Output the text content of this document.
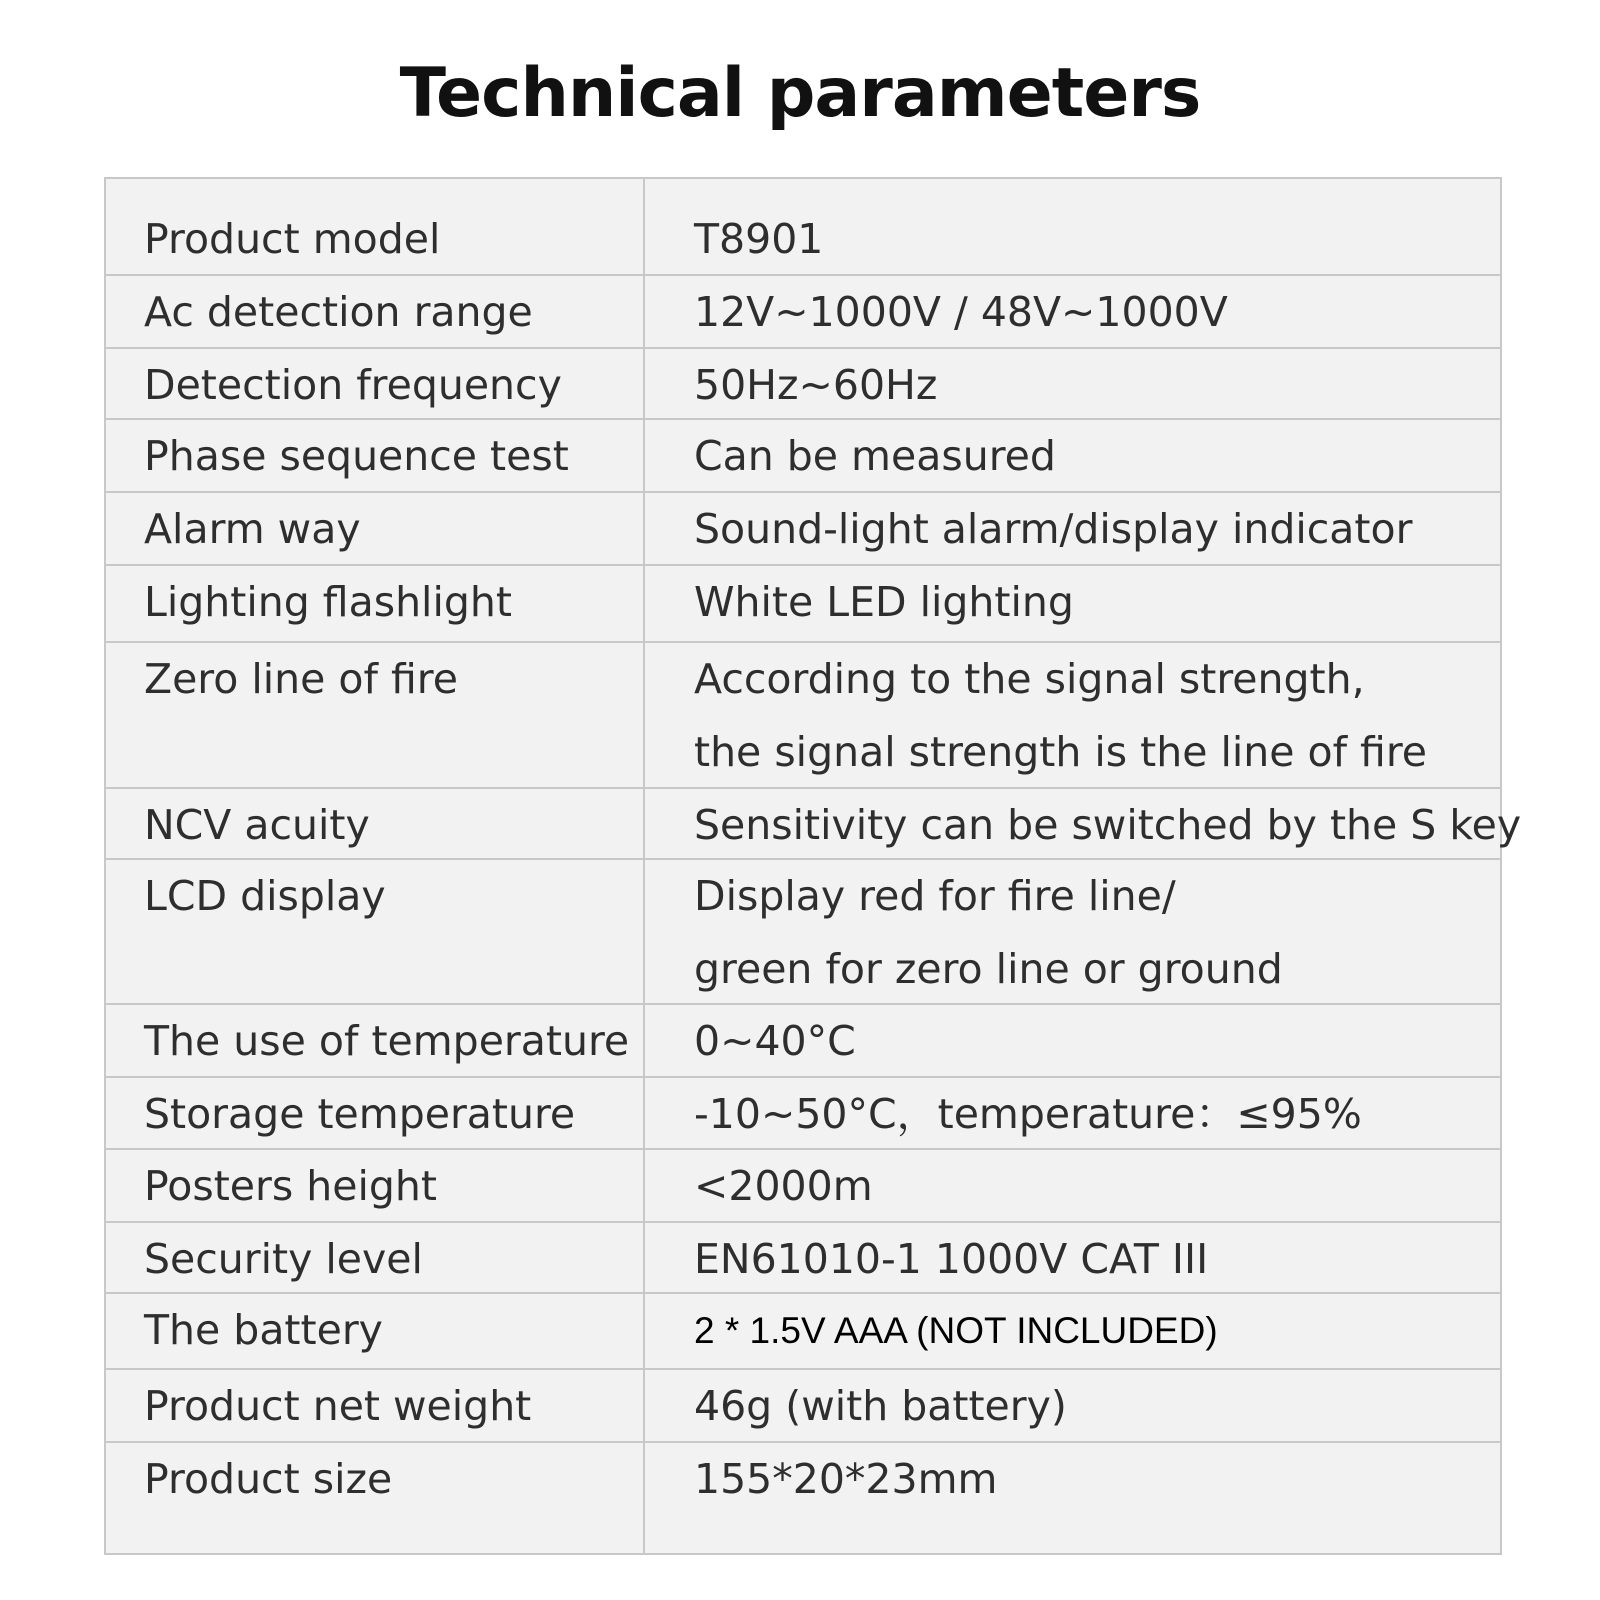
Technical parameters
Product model	T8901
Ac detection range	12V~1000V / 48V~1000V
Detection frequency	50Hz~60Hz
Phase sequence test	Can be measured
Alarm way	Sound-light alarm/display indicator
Lighting flashlight	White LED lighting
Zero line of fire	According to the signal strength,
the signal strength is the line of fire
NCV acuity	Sensitivity can be switched by the S key
LCD display	Display red for fire line/
green for zero line or ground
The use of temperature 0~40°C
Storage temperature	-10~50°C，temperature：≤95%
Posters height	<2000m
Security level	EN61010-1 1000V CAT III
The battery	2 * 1.5V AAA (NOT INCLUDED)
Product net weight	46g (with battery)
Product size	155*20*23mm
